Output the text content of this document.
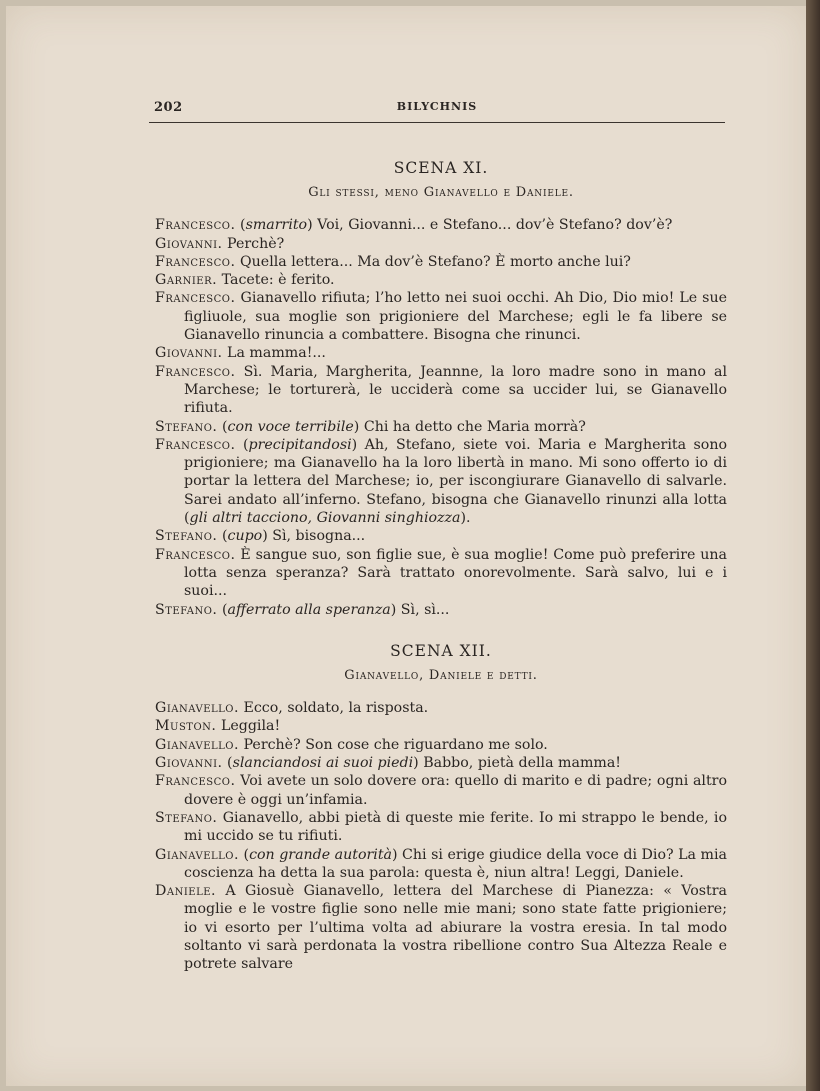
202	BILYCHNIS
SCENA XI.
Gli stessi, meno Gianavello e Daniele.

Francesco. (smarrito) Voi, Giovanni... e Stefano... dov’è Stefano? dov’è?

Giovanni. Perchè?

Francesco. Quella lettera... Ma dov’è Stefano? È morto anche lui?

Garnier. Tacete: è ferito.

Francesco. Gianavello rifiuta; l’ho letto nei suoi occhi. Ah Dio, Dio mio! Le sue figliuole, sua moglie son prigioniere del Marchese; egli le fa libere se Gianavello rinuncia a combattere. Bisogna che rinunci.

Giovanni. La mamma!...

Francesco. Sì. Maria, Margherita, Jeannne, la loro madre sono in mano al Marchese; le torturerà, le ucciderà come sa uccider lui, se Gianavello rifiuta.

Stefano. (con voce terribile) Chi ha detto che Maria morrà?

Francesco. (precipitandosi) Ah, Stefano, siete voi. Maria e Margherita sono prigioniere; ma Gianavello ha la loro libertà in mano. Mi sono offerto io di portar la lettera del Marchese; io, per iscongiurare Gianavello di salvarle. Sarei andato all’inferno. Stefano, bisogna che Gianavello rinunzi alla lotta (gli altri tacciono, Giovanni singhiozza).

Stefano. (cupo) Sì, bisogna...

Francesco. È sangue suo, son figlie sue, è sua moglie! Come può preferire una lotta senza speranza? Sarà trattato onorevolmente. Sarà salvo, lui e i suoi...

Stefano. (afferrato alla speranza) Sì, sì...

SCENA XII.
Gianavello, Daniele e detti.

Gianavello. Ecco, soldato, la risposta.

Muston. Leggila!

Gianavello. Perchè? Son cose che riguardano me solo.

Giovanni. (slanciandosi ai suoi piedi) Babbo, pietà della mamma!

Francesco. Voi avete un solo dovere ora: quello di marito e di padre; ogni altro dovere è oggi un’infamia.

Stefano. Gianavello, abbi pietà di queste mie ferite. Io mi strappo le bende, io mi uccido se tu rifiuti.

Gianavello. (con grande autorità) Chi si erige giudice della voce di Dio? La mia coscienza ha detta la sua parola: questa è, niun altra! Leggi, Daniele.

Daniele. A Giosuè Gianavello, lettera del Marchese di Pianezza: « Vostra moglie e le vostre figlie sono nelle mie mani; sono state fatte prigioniere; io vi esorto per l’ultima volta ad abiurare la vostra eresia. In tal modo soltanto vi sarà perdonata la vostra ribellione contro Sua Altezza Reale e potrete salvare
